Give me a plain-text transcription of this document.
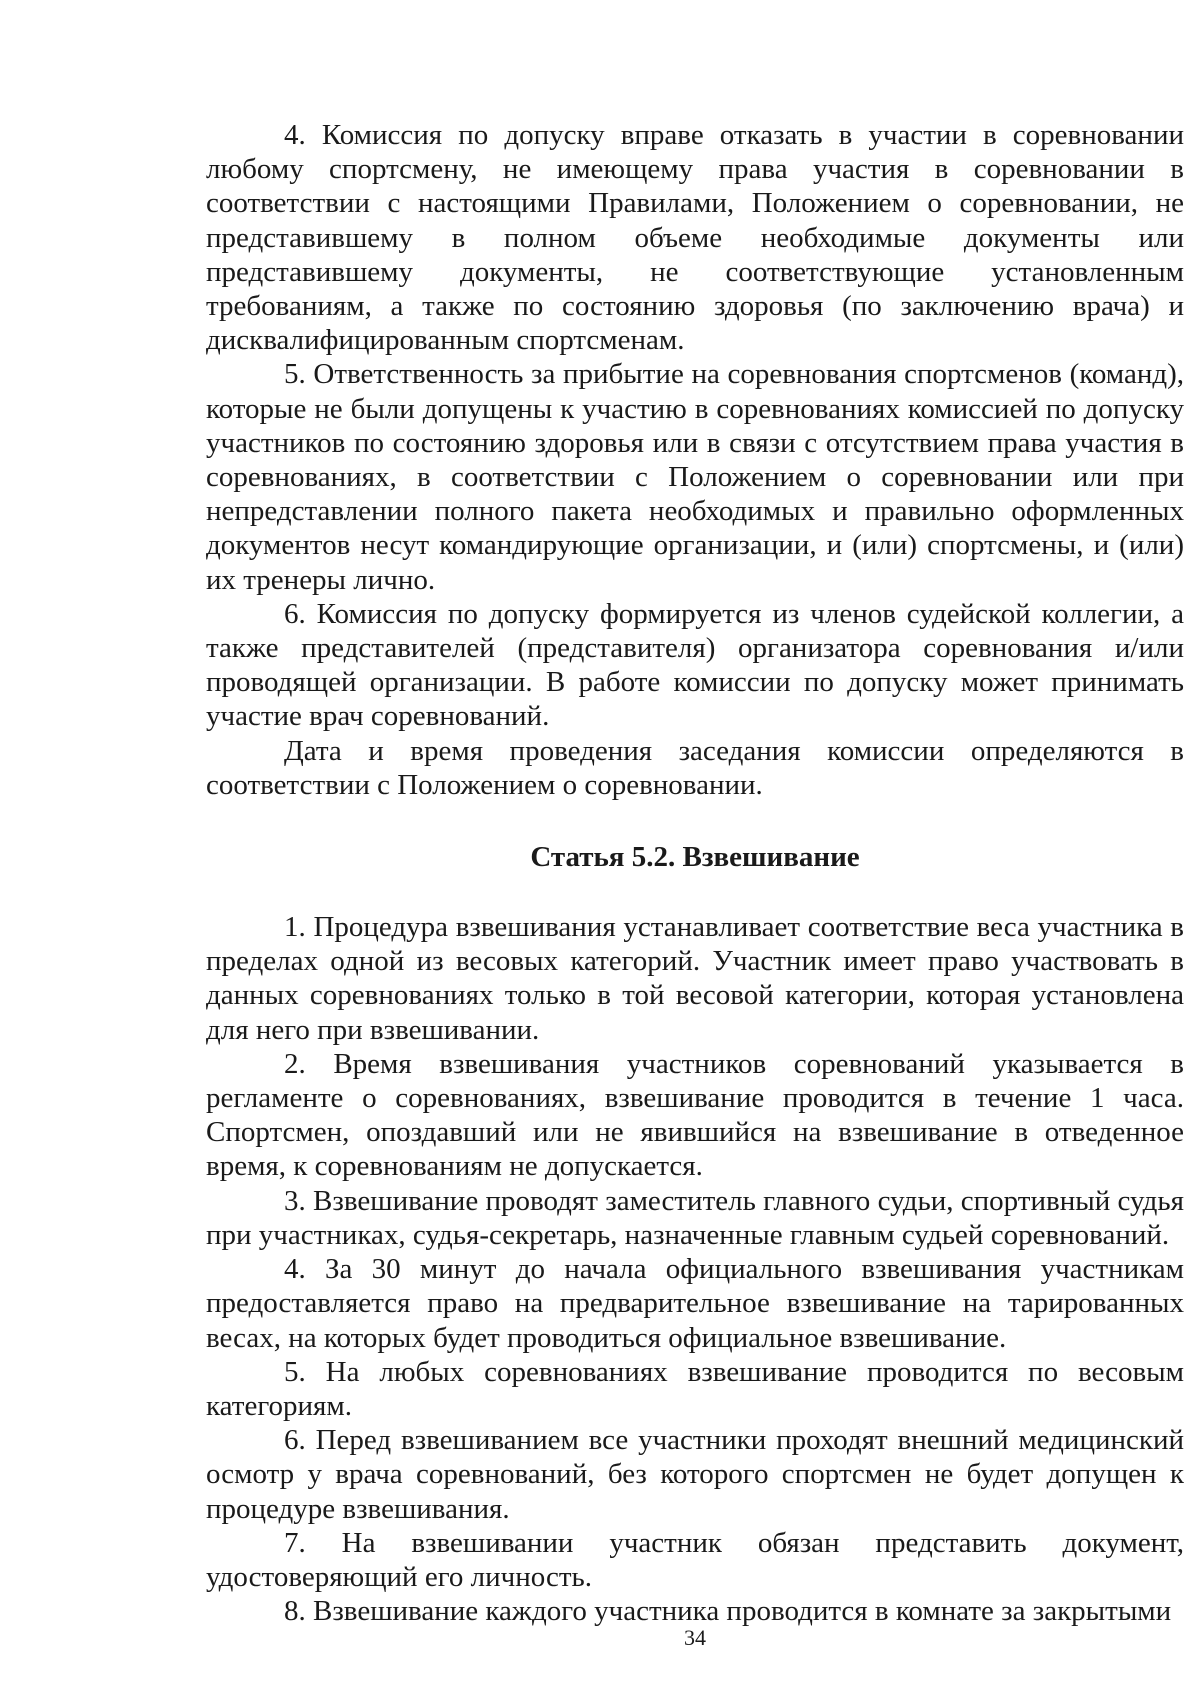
4. Комиссия по допуску вправе отказать в участии в соревновании любому спортсмену, не имеющему права участия в соревновании в соответствии с настоящими Правилами, Положением о соревновании, не представившему в полном объеме необходимые документы или представившему документы, не соответствующие установленным требованиям, а также по состоянию здоровья (по заключению врача) и дисквалифицированным спортсменам.

5. Ответственность за прибытие на соревнования спортсменов (команд), которые не были допущены к участию в соревнованиях комиссией по допуску участников по состоянию здоровья или в связи с отсутствием права участия в соревнованиях, в соответствии с Положением о соревновании или при непредставлении полного пакета необходимых и правильно оформленных документов несут командирующие организации, и (или) спортсмены, и (или) их тренеры лично.

6. Комиссия по допуску формируется из членов судейской коллегии, а также представителей (представителя) организатора соревнования и/или проводящей организации. В работе комиссии по допуску может принимать участие врач соревнований.

Дата и время проведения заседания комиссии определяются в соответствии с Положением о соревновании.

Статья 5.2. Взвешивание

1. Процедура взвешивания устанавливает соответствие веса участника в пределах одной из весовых категорий. Участник имеет право участвовать в данных соревнованиях только в той весовой категории, которая установлена для него при взвешивании.

2. Время взвешивания участников соревнований указывается в регламенте о соревнованиях, взвешивание проводится в течение 1 часа. Спортсмен, опоздавший или не явившийся на взвешивание в отведенное время, к соревнованиям не допускается.

3. Взвешивание проводят заместитель главного судьи, спортивный судья при участниках, судья-секретарь, назначенные главным судьей соревнований.

4. За 30 минут до начала официального взвешивания участникам предоставляется право на предварительное взвешивание на тарированных весах, на которых будет проводиться официальное взвешивание.

5. На любых соревнованиях взвешивание проводится по весовым категориям.

6. Перед взвешиванием все участники проходят внешний медицинский осмотр у врача соревнований, без которого спортсмен не будет допущен к процедуре взвешивания.

7. На взвешивании участник обязан представить документ, удостоверяющий его личность.

8. Взвешивание каждого участника проводится в комнате за закрытыми

34
